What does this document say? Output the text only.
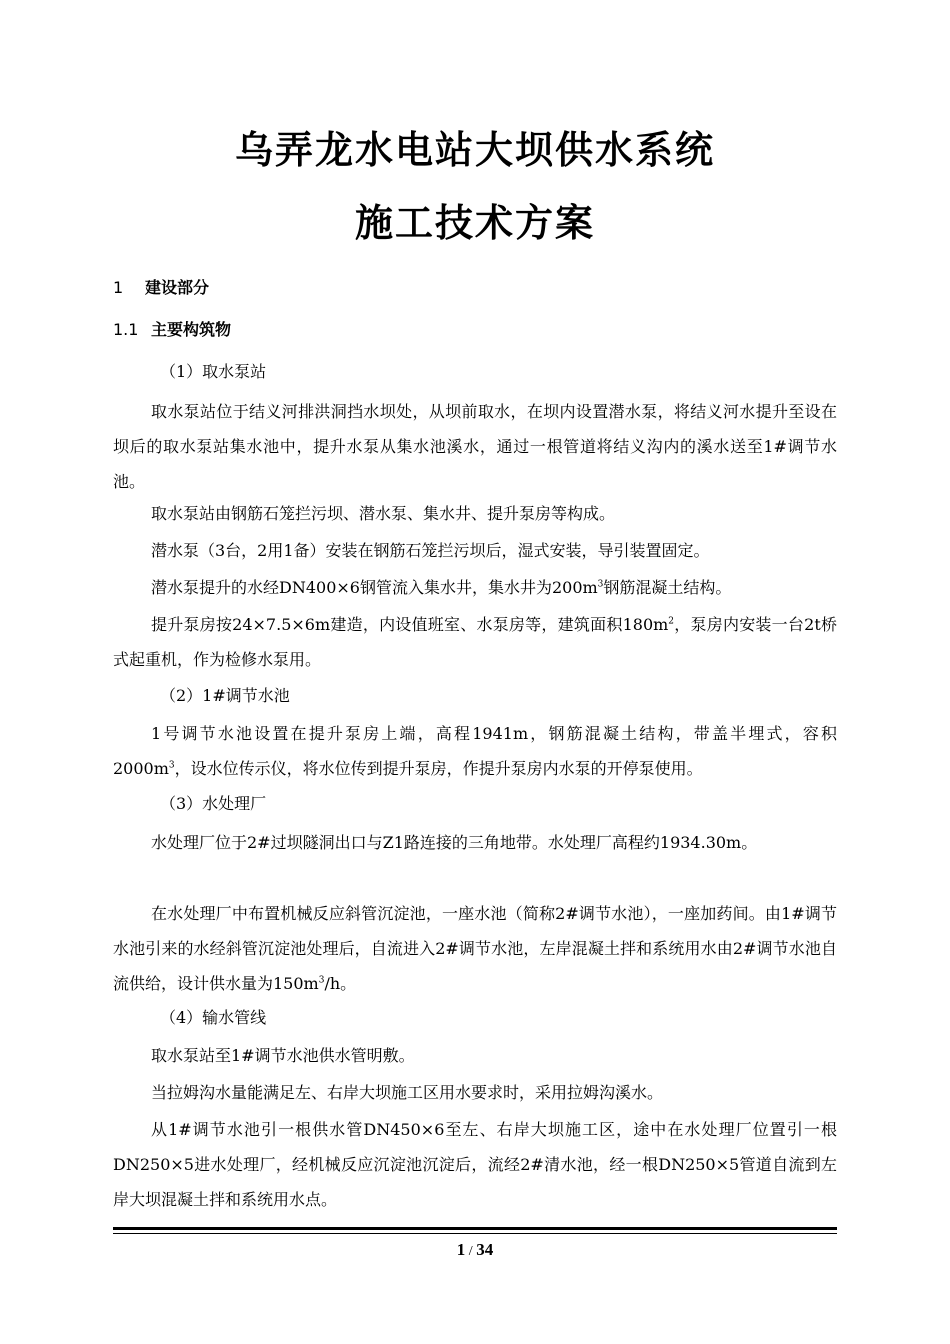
乌弄龙水电站大坝供水系统
施工技术方案
1 建设部分
1.1 主要构筑物
（1）取水泵站
取水泵站位于结义河排洪洞挡水坝处，从坝前取水，在坝内设置潜水泵，将结义河水提升至设在坝后的取水泵站集水池中，提升水泵从集水池溪水，通过一根管道将结义沟内的溪水送至1#调节水池。
取水泵站由钢筋石笼拦污坝、潜水泵、集水井、提升泵房等构成。
潜水泵（3台，2用1备）安装在钢筋石笼拦污坝后，湿式安装，导引装置固定。
潜水泵提升的水经DN400×6钢管流入集水井，集水井为$200m^3$钢筋混凝土结构。
提升泵房按24×7.5×6m建造，内设值班室、水泵房等，建筑面积$180m^2$，泵房内安装一台2t桥式起重机，作为检修水泵用。
（2）1#调节水池
1号调节水池设置在提升泵房上端，高程1941m，钢筋混凝土结构，带盖半埋式，容积$2000m^3$，设水位传示仪，将水位传到提升泵房，作提升泵房内水泵的开停泵使用。
（3）水处理厂
水处理厂位于2#过坝隧洞出口与Z1路连接的三角地带。水处理厂高程约1934.30m。
在水处理厂中布置机械反应斜管沉淀池，一座水池（简称2#调节水池），一座加药间。由1#调节水池引来的水经斜管沉淀池处理后，自流进入2#调节水池，左岸混凝土拌和系统用水由2#调节水池自流供给，设计供水量为$150m^3/h$。
（4）输水管线
取水泵站至1#调节水池供水管明敷。
当拉姆沟水量能满足左、右岸大坝施工区用水要求时，采用拉姆沟溪水。
从1#调节水池引一根供水管DN450×6至左、右岸大坝施工区，途中在水处理厂位置引一根DN250×5进水处理厂，经机械反应沉淀池沉淀后，流经2#清水池，经一根DN250×5管道自流到左岸大坝混凝土拌和系统用水点。
1 / 34
